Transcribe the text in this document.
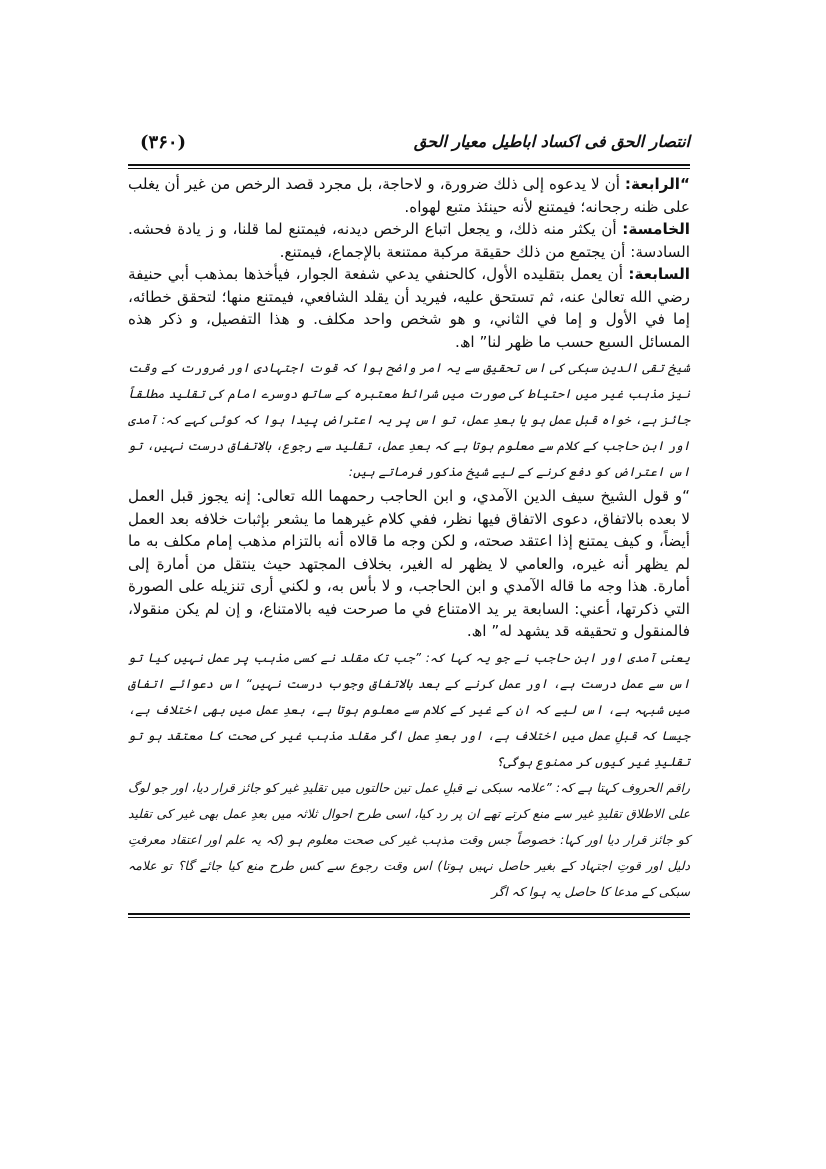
انتصار الحق فی اکساد اباطیل معیار الحق
(۳۶۰)

“الرابعة: أن لا يدعوه إلى ذلك ضرورة، و لاحاجة، بل مجرد قصد الرخص من غير أن يغلب على ظنه رجحانه؛ فيمتنع لأنه حينئذ متبع لهواه.

الخامسة: أن يكثر منه ذلك، و يجعل اتباع الرخص ديدنه، فيمتنع لما قلنا، و ز يادة فحشه. السادسة: أن يجتمع من ذلك حقيقة مركبة ممتنعة بالإجماع، فيمتنع.

السابعة: أن يعمل بتقليده الأول، كالحنفي يدعي شفعة الجوار، فيأخذها بمذهب أبي حنيفة رضي الله تعالىٰ عنه، ثم تستحق عليه، فيريد أن يقلد الشافعي، فيمتنع منها؛ لتحقق خطائه، إما في الأول و إما في الثاني، و هو شخص واحد مكلف. و هذا التفصيل، و ذكر هذه المسائل السبع حسب ما ظهر لنا” اھ.

شیخ تقی الدین سبکی کی اس تحقیق سے یہ امر واضح ہوا کہ قوت اجتہادی اور ضرورت کے وقت نیز مذہب غیر میں احتیاط کی صورت میں شرائط معتبرہ کے ساتھ دوسرے امام کی تقلید مطلقاً جائز ہے، خواہ قبل عمل ہو یا بعدِ عمل، تو اس پر یہ اعتراض پیدا ہوا کہ کوئی کہے کہ: آمدی اور ابن حاجب کے کلام سے معلوم ہوتا ہے کہ بعدِ عمل، تقلید سے رجوع، بالاتفاق درست نہیں، تو اس اعتراض کو دفع کرنے کے لیے شیخ مذکور فرماتے ہیں:

“و قول الشيخ سيف الدين الآمدي، و ابن الحاجب رحمهما الله تعالى: إنه يجوز قبل العمل لا بعده بالاتفاق، دعوى الاتفاق فيها نظر، ففي كلام غيرهما ما يشعر بإثبات خلافه بعد العمل أيضاً، و كيف يمتنع إذا اعتقد صحته، و لكن وجه ما قالاه أنه بالتزام مذهب إمام مكلف به ما لم يظهر أنه غيره، والعامي لا يظهر له الغير، بخلاف المجتهد حيث ينتقل من أمارة إلى أمارة. هذا وجه ما قاله الآمدي و ابن الحاجب، و لا بأس به، و لكني أرى تنزيله على الصورة التي ذكرتها، أعني: السابعة ير يد الامتناع في ما صرحت فيه بالامتناع، و إن لم يكن منقولا، فالمنقول و تحقيقه قد يشهد له” اھ.

یعنی آمدی اور ابن حاجب نے جو یہ کہا کہ: ”جب تک مقلد نے کسی مذہب پر عمل نہیں کیا تو اس سے عمل درست ہے، اور عمل کرنے کے بعد بالاتفاق وجوب درست نہیں“ اس دعوائے اتفاق میں شبہہ ہے، اس لیے کہ ان کے غیر کے کلام سے معلوم ہوتا ہے، بعدِ عمل میں بھی اختلاف ہے، جیسا کہ قبلِ عمل میں اختلاف ہے، اور بعدِ عمل اگر مقلد مذہب غیر کی صحت کا معتقد ہو تو تقلیدِ غیر کیوں کر ممنوع ہوگی؟

راقم الحروف کہتا ہے کہ: ”علامہ سبکی نے قبلِ عمل تین حالتوں میں تقلیدِ غیر کو جائز قرار دیا، اور جو لوگ علی الاطلاق تقلیدِ غیر سے منع کرتے تھے ان پر رد کیا، اسی طرح احوال ثلاثہ میں بعدِ عمل بھی غیر کی تقلید کو جائز قرار دیا اور کہا: خصوصاً جس وقت مذہب غیر کی صحت معلوم ہو (کہ یہ علم اور اعتقاد معرفتِ دلیل اور قوتِ اجتہاد کے بغیر حاصل نہیں ہوتا) اس وقت رجوع سے کس طرح منع کیا جائے گا؟ تو علامہ سبکی کے مدعا کا حاصل یہ ہوا کہ اگر
